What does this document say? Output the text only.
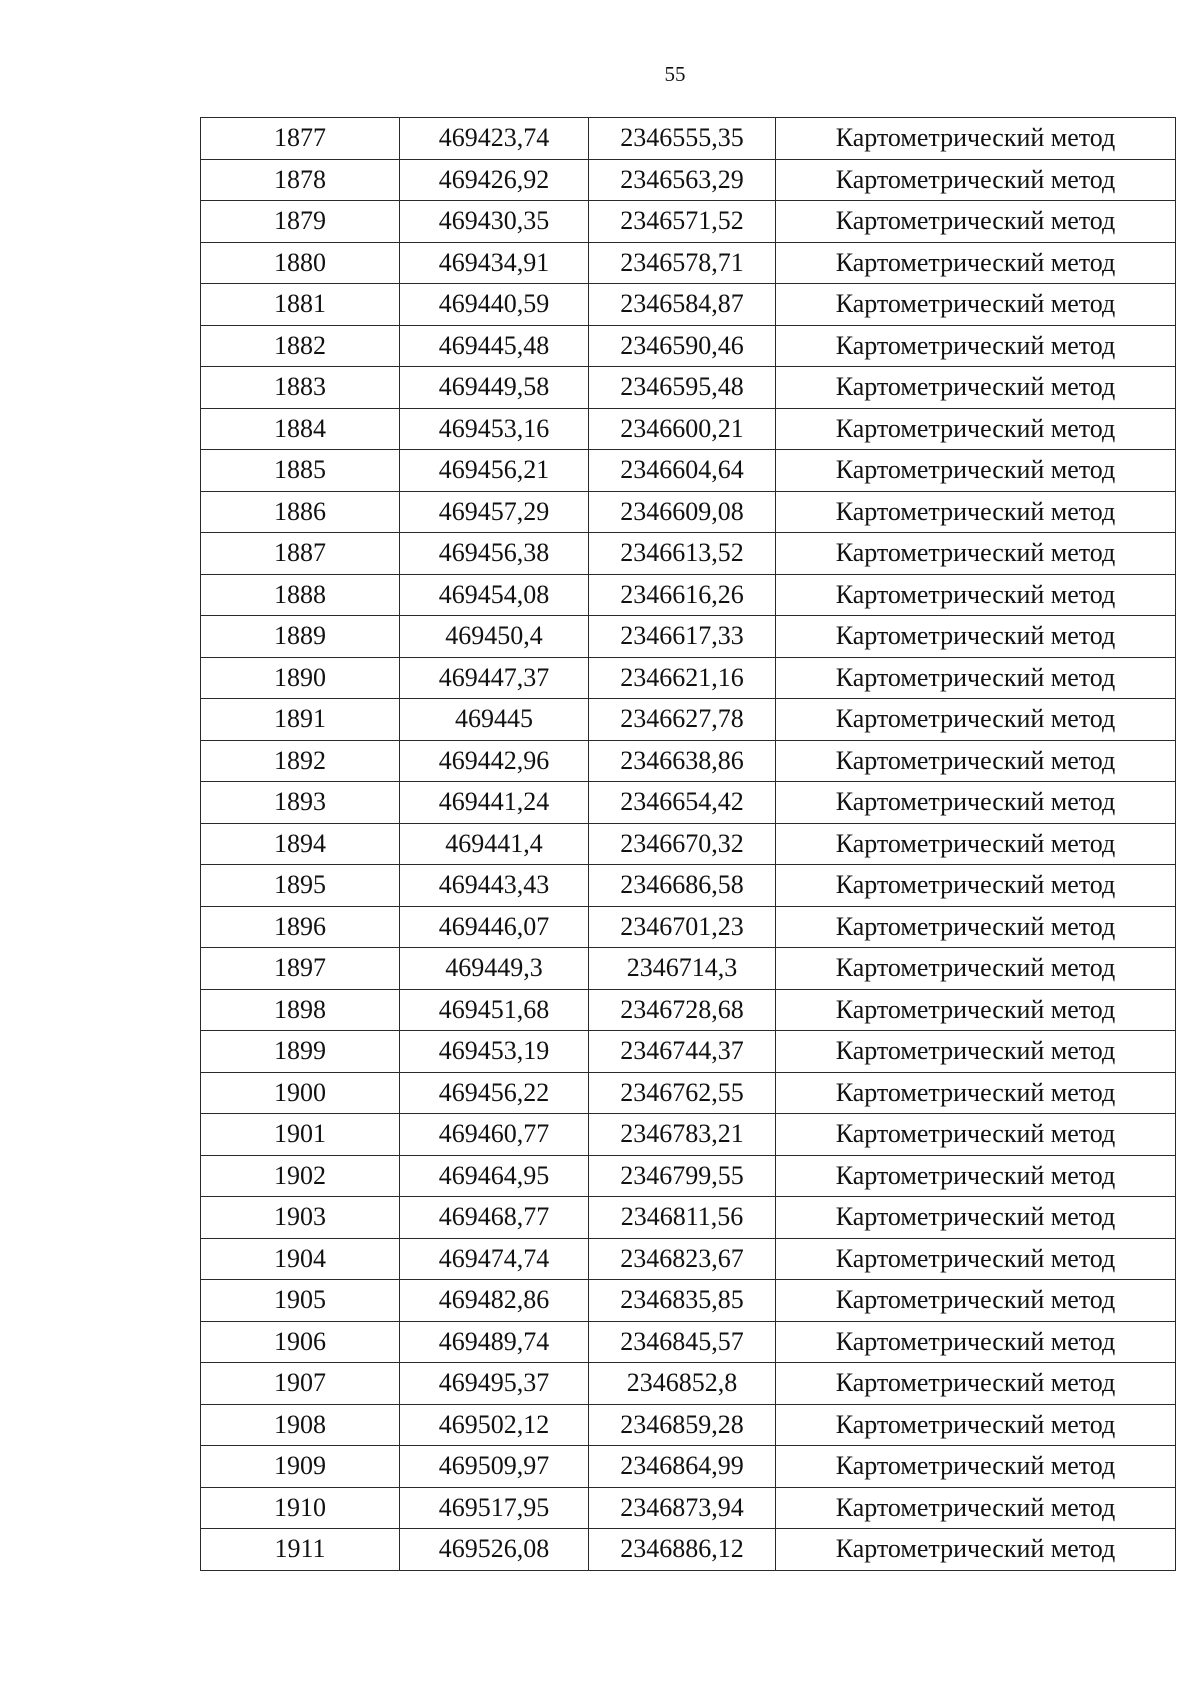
55
1877	469423,74	2346555,35	Картометрический метод
1878	469426,92	2346563,29	Картометрический метод
1879	469430,35	2346571,52	Картометрический метод
1880	469434,91	2346578,71	Картометрический метод
1881	469440,59	2346584,87	Картометрический метод
1882	469445,48	2346590,46	Картометрический метод
1883	469449,58	2346595,48	Картометрический метод
1884	469453,16	2346600,21	Картометрический метод
1885	469456,21	2346604,64	Картометрический метод
1886	469457,29	2346609,08	Картометрический метод
1887	469456,38	2346613,52	Картометрический метод
1888	469454,08	2346616,26	Картометрический метод
1889	469450,4	2346617,33	Картометрический метод
1890	469447,37	2346621,16	Картометрический метод
1891	469445	2346627,78	Картометрический метод
1892	469442,96	2346638,86	Картометрический метод
1893	469441,24	2346654,42	Картометрический метод
1894	469441,4	2346670,32	Картометрический метод
1895	469443,43	2346686,58	Картометрический метод
1896	469446,07	2346701,23	Картометрический метод
1897	469449,3	2346714,3	Картометрический метод
1898	469451,68	2346728,68	Картометрический метод
1899	469453,19	2346744,37	Картометрический метод
1900	469456,22	2346762,55	Картометрический метод
1901	469460,77	2346783,21	Картометрический метод
1902	469464,95	2346799,55	Картометрический метод
1903	469468,77	2346811,56	Картометрический метод
1904	469474,74	2346823,67	Картометрический метод
1905	469482,86	2346835,85	Картометрический метод
1906	469489,74	2346845,57	Картометрический метод
1907	469495,37	2346852,8	Картометрический метод
1908	469502,12	2346859,28	Картометрический метод
1909	469509,97	2346864,99	Картометрический метод
1910	469517,95	2346873,94	Картометрический метод
1911	469526,08	2346886,12	Картометрический метод
